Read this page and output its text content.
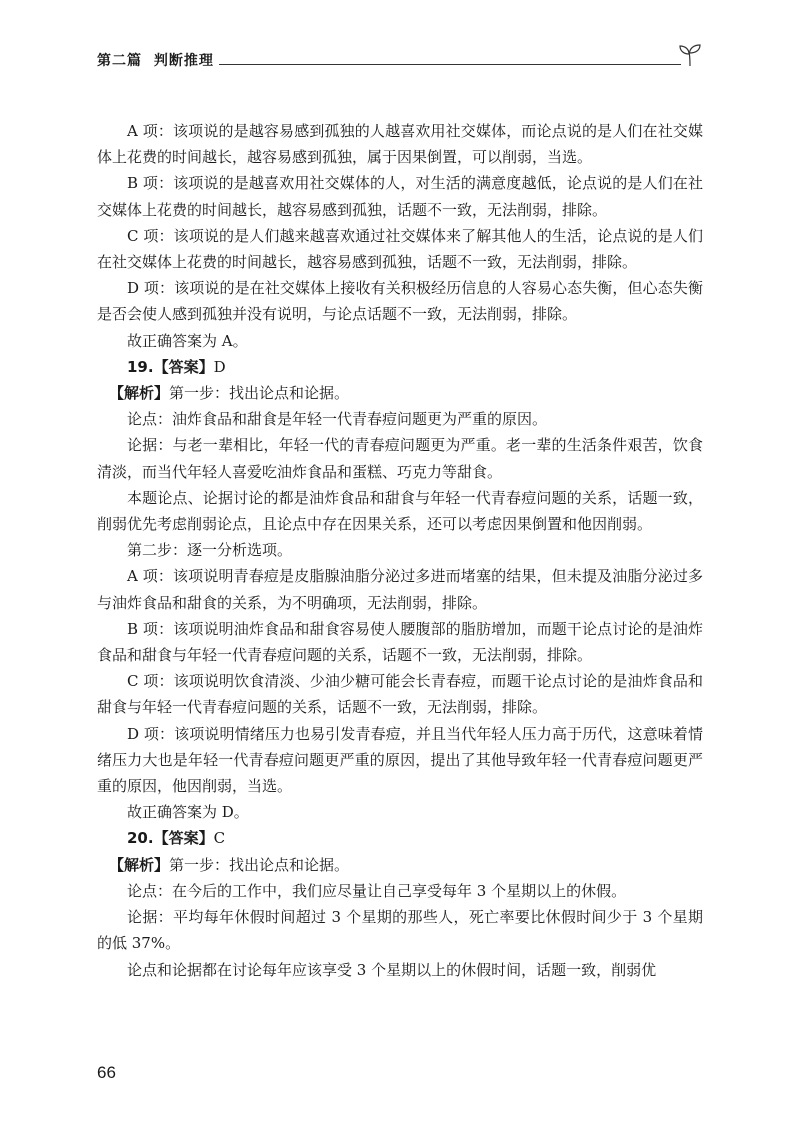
第二篇 判断推理

A 项：该项说的是越容易感到孤独的人越喜欢用社交媒体，而论点说的是人们在社交媒体上花费的时间越长，越容易感到孤独，属于因果倒置，可以削弱，当选。

B 项：该项说的是越喜欢用社交媒体的人，对生活的满意度越低，论点说的是人们在社交媒体上花费的时间越长，越容易感到孤独，话题不一致，无法削弱，排除。

C 项：该项说的是人们越来越喜欢通过社交媒体来了解其他人的生活，论点说的是人们在社交媒体上花费的时间越长，越容易感到孤独，话题不一致，无法削弱，排除。

D 项：该项说的是在社交媒体上接收有关积极经历信息的人容易心态失衡，但心态失衡是否会使人感到孤独并没有说明，与论点话题不一致，无法削弱，排除。

故正确答案为 A。

19.【答案】D

【解析】第一步：找出论点和论据。

论点：油炸食品和甜食是年轻一代青春痘问题更为严重的原因。

论据：与老一辈相比，年轻一代的青春痘问题更为严重。老一辈的生活条件艰苦，饮食清淡，而当代年轻人喜爱吃油炸食品和蛋糕、巧克力等甜食。

本题论点、论据讨论的都是油炸食品和甜食与年轻一代青春痘问题的关系，话题一致，削弱优先考虑削弱论点，且论点中存在因果关系，还可以考虑因果倒置和他因削弱。

第二步：逐一分析选项。

A 项：该项说明青春痘是皮脂腺油脂分泌过多进而堵塞的结果，但未提及油脂分泌过多与油炸食品和甜食的关系，为不明确项，无法削弱，排除。

B 项：该项说明油炸食品和甜食容易使人腰腹部的脂肪增加，而题干论点讨论的是油炸食品和甜食与年轻一代青春痘问题的关系，话题不一致，无法削弱，排除。

C 项：该项说明饮食清淡、少油少糖可能会长青春痘，而题干论点讨论的是油炸食品和甜食与年轻一代青春痘问题的关系，话题不一致，无法削弱，排除。

D 项：该项说明情绪压力也易引发青春痘，并且当代年轻人压力高于历代，这意味着情绪压力大也是年轻一代青春痘问题更严重的原因，提出了其他导致年轻一代青春痘问题更严重的原因，他因削弱，当选。

故正确答案为 D。

20.【答案】C

【解析】第一步：找出论点和论据。

论点：在今后的工作中，我们应尽量让自己享受每年 3 个星期以上的休假。

论据：平均每年休假时间超过 3 个星期的那些人，死亡率要比休假时间少于 3 个星期的低 37%。

论点和论据都在讨论每年应该享受 3 个星期以上的休假时间，话题一致，削弱优

66
